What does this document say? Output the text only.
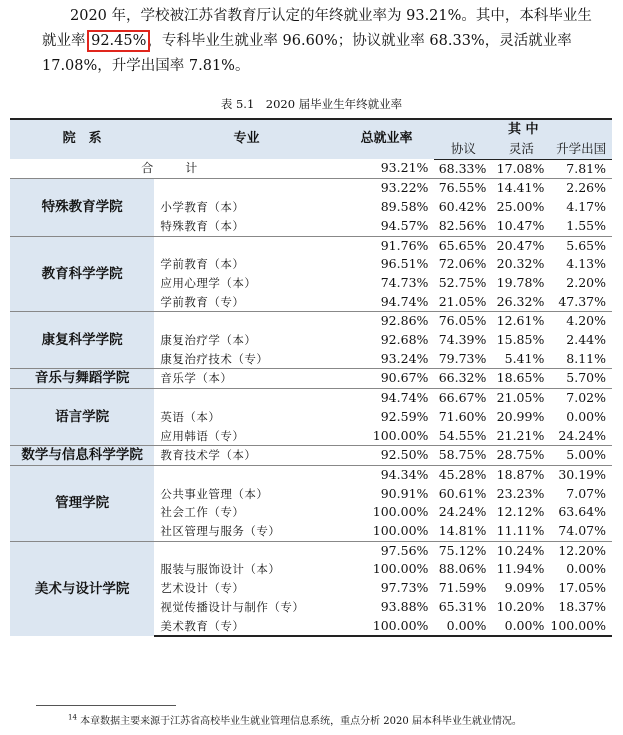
2020 年，学校被江苏省教育厅认定的年终就业率为 93.21%。其中，本科毕业生就业率 92.45%，专科毕业生就业率 96.60%；协议就业率 68.33%，灵活就业率 17.08%，升学出国率 7.81%。
表 5.1　2020 届毕业生年终就业率
院　系	专业	总就业率	其 中		
			协议	灵活	升学出国
合　计		93.21%	68.33%	17.08%	7.81%
特殊教育学院		93.22%	76.55%	14.41%	2.26%
	小学教育（本）	89.58%	60.42%	25.00%	4.17%
	特殊教育（本）	94.57%	82.56%	10.47%	1.55%
教育科学学院		91.76%	65.65%	20.47%	5.65%
	学前教育（本）	96.51%	72.06%	20.32%	4.13%
	应用心理学（本）	74.73%	52.75%	19.78%	2.20%
	学前教育（专）	94.74%	21.05%	26.32%	47.37%
康复科学学院		92.86%	76.05%	12.61%	4.20%
	康复治疗学（本）	92.68%	74.39%	15.85%	2.44%
	康复治疗技术（专）	93.24%	79.73%	5.41%	8.11%
音乐与舞蹈学院	音乐学（本）	90.67%	66.32%	18.65%	5.70%
语言学院		94.74%	66.67%	21.05%	7.02%
	英语（本）	92.59%	71.60%	20.99%	0.00%
	应用韩语（专）	100.00%	54.55%	21.21%	24.24%
数学与信息科学学院	教育技术学（本）	92.50%	58.75%	28.75%	5.00%
管理学院		94.34%	45.28%	18.87%	30.19%
	公共事业管理（本）	90.91%	60.61%	23.23%	7.07%
	社会工作（专）	100.00%	24.24%	12.12%	63.64%
	社区管理与服务（专）	100.00%	14.81%	11.11%	74.07%
美术与设计学院		97.56%	75.12%	10.24%	12.20%
	服装与服饰设计（本）	100.00%	88.06%	11.94%	0.00%
	艺术设计（专）	97.73%	71.59%	9.09%	17.05%
	视觉传播设计与制作（专）	93.88%	65.31%	10.20%	18.37%
	美术教育（专）	100.00%	0.00%	0.00%	100.00%
$^{14}$ 本章数据主要来源于江苏省高校毕业生就业管理信息系统，重点分析 2020 届本科毕业生就业情况。
